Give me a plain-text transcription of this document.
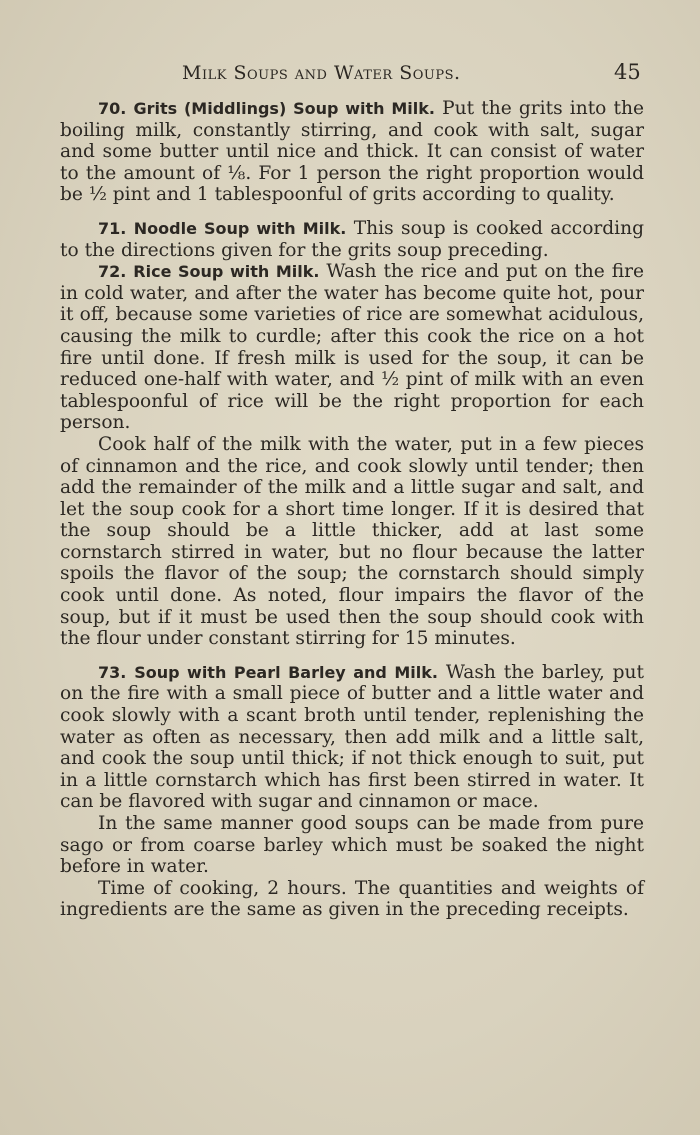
Milk Soups and Water Soups.	45

70. Grits (Middlings) Soup with Milk. Put the grits into the boiling milk, constantly stirring, and cook with salt, sugar and some butter until nice and thick. It can consist of water to the amount of ⅛. For 1 person the right proportion would be ½ pint and 1 tablespoonful of grits according to quality.

71. Noodle Soup with Milk. This soup is cooked according to the directions given for the grits soup preceding.

72. Rice Soup with Milk. Wash the rice and put on the fire in cold water, and after the water has become quite hot, pour it off, because some varieties of rice are somewhat acidulous, causing the milk to curdle; after this cook the rice on a hot fire until done. If fresh milk is used for the soup, it can be reduced one-half with water, and ½ pint of milk with an even tablespoonful of rice will be the right proportion for each person.

Cook half of the milk with the water, put in a few pieces of cinnamon and the rice, and cook slowly until tender; then add the remainder of the milk and a little sugar and salt, and let the soup cook for a short time longer. If it is desired that the soup should be a little thicker, add at last some cornstarch stirred in water, but no flour because the latter spoils the flavor of the soup; the cornstarch should simply cook until done. As noted, flour impairs the flavor of the soup, but if it must be used then the soup should cook with the flour under constant stirring for 15 minutes.

73. Soup with Pearl Barley and Milk. Wash the barley, put on the fire with a small piece of butter and a little water and cook slowly with a scant broth until tender, replenishing the water as often as necessary, then add milk and a little salt, and cook the soup until thick; if not thick enough to suit, put in a little cornstarch which has first been stirred in water. It can be flavored with sugar and cinnamon or mace.

In the same manner good soups can be made from pure sago or from coarse barley which must be soaked the night before in water.

Time of cooking, 2 hours. The quantities and weights of ingredients are the same as given in the preceding receipts.
